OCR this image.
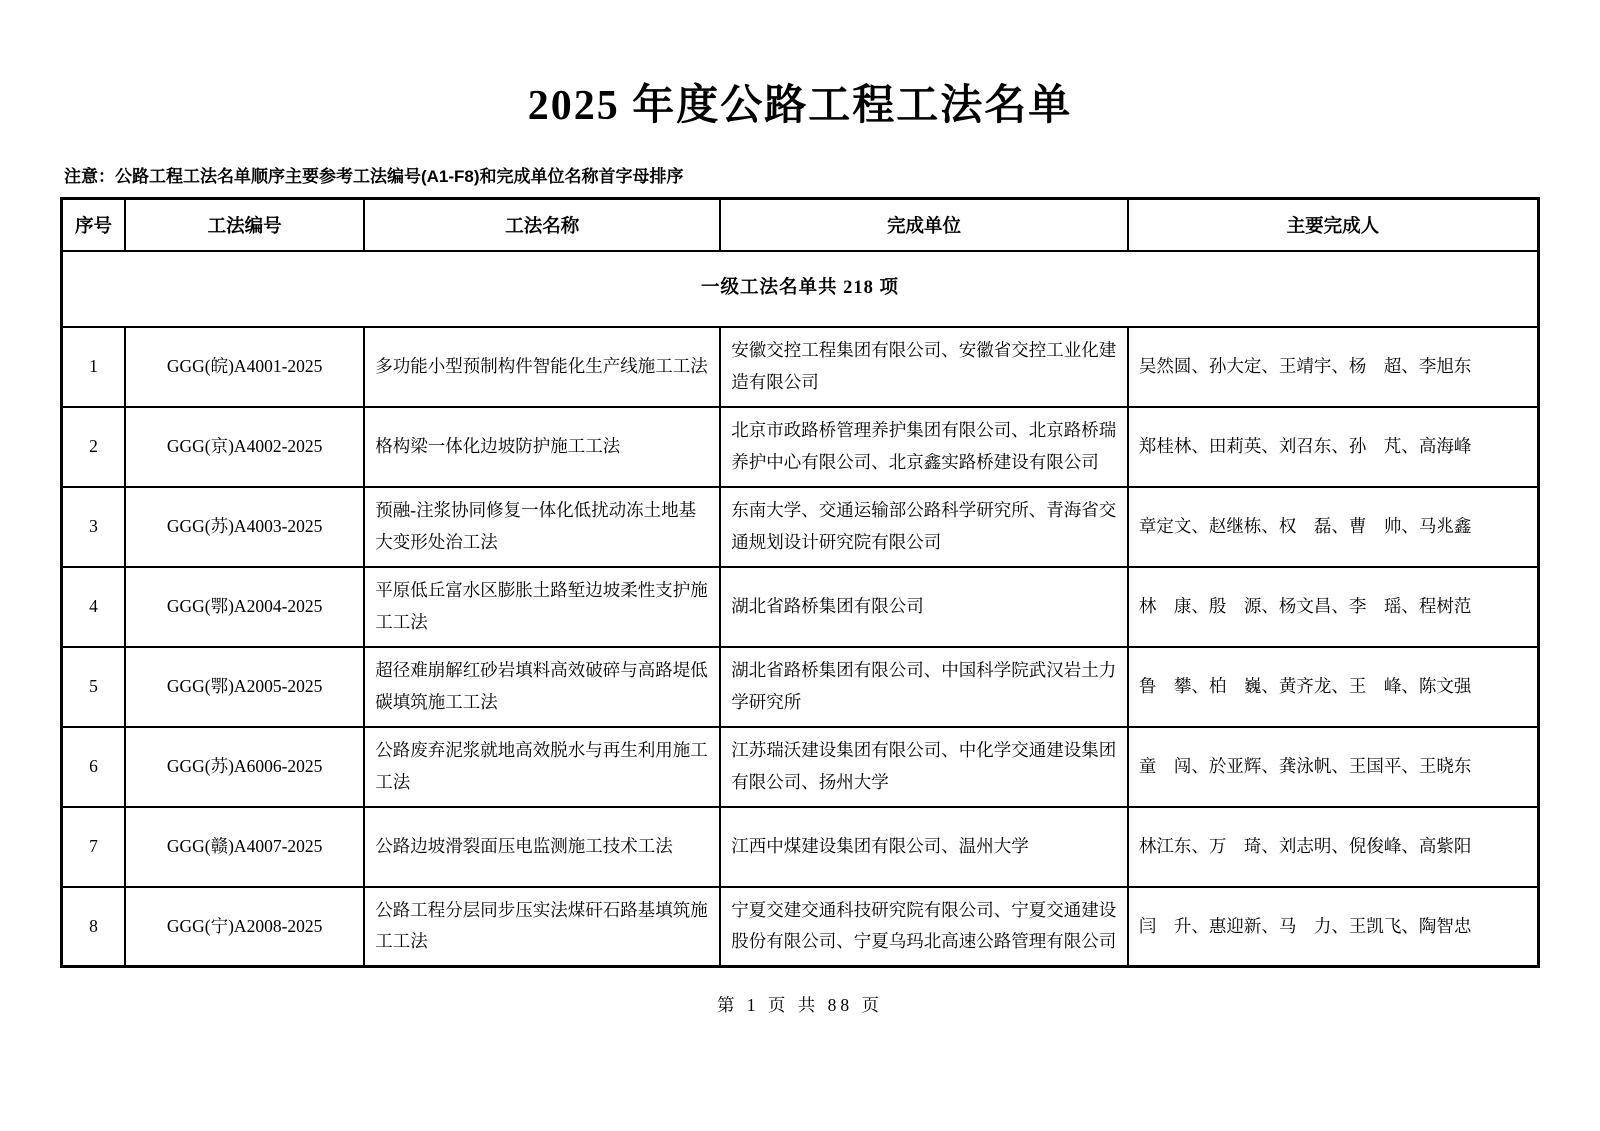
2025 年度公路工程工法名单

注意：公路工程工法名单顺序主要参考工法编号(A1-F8)和完成单位名称首字母排序

序号	工法编号	工法名称	完成单位	主要完成人
一级工法名单共 218 项				
1	GGG(皖)A4001-2025	多功能小型预制构件智能化生产线施工工法	安徽交控工程集团有限公司、安徽省交控工业化建造有限公司	吴然圆、孙大定、王靖宇、杨　超、李旭东
2	GGG(京)A4002-2025	格构梁一体化边坡防护施工工法	北京市政路桥管理养护集团有限公司、北京路桥瑞养护中心有限公司、北京鑫实路桥建设有限公司	郑桂林、田莉英、刘召东、孙　芃、高海峰
3	GGG(苏)A4003-2025	预融-注浆协同修复一体化低扰动冻土地基大变形处治工法	东南大学、交通运输部公路科学研究所、青海省交通规划设计研究院有限公司	章定文、赵继栋、权　磊、曹　帅、马兆鑫
4	GGG(鄂)A2004-2025	平原低丘富水区膨胀土路堑边坡柔性支护施工工法	湖北省路桥集团有限公司	林　康、殷　源、杨文昌、李　瑶、程树范
5	GGG(鄂)A2005-2025	超径难崩解红砂岩填料高效破碎与高路堤低碳填筑施工工法	湖北省路桥集团有限公司、中国科学院武汉岩土力学研究所	鲁　攀、柏　巍、黄齐龙、王　峰、陈文强
6	GGG(苏)A6006-2025	公路废弃泥浆就地高效脱水与再生利用施工工法	江苏瑞沃建设集团有限公司、中化学交通建设集团有限公司、扬州大学	童　闯、於亚辉、龚泳帆、王国平、王晓东
7	GGG(赣)A4007-2025	公路边坡滑裂面压电监测施工技术工法	江西中煤建设集团有限公司、温州大学	林江东、万　琦、刘志明、倪俊峰、高紫阳
8	GGG(宁)A2008-2025	公路工程分层同步压实法煤矸石路基填筑施工工法	宁夏交建交通科技研究院有限公司、宁夏交通建设股份有限公司、宁夏乌玛北高速公路管理有限公司	闫　升、惠迎新、马　力、王凯飞、陶智忠

第 1 页 共 88 页
